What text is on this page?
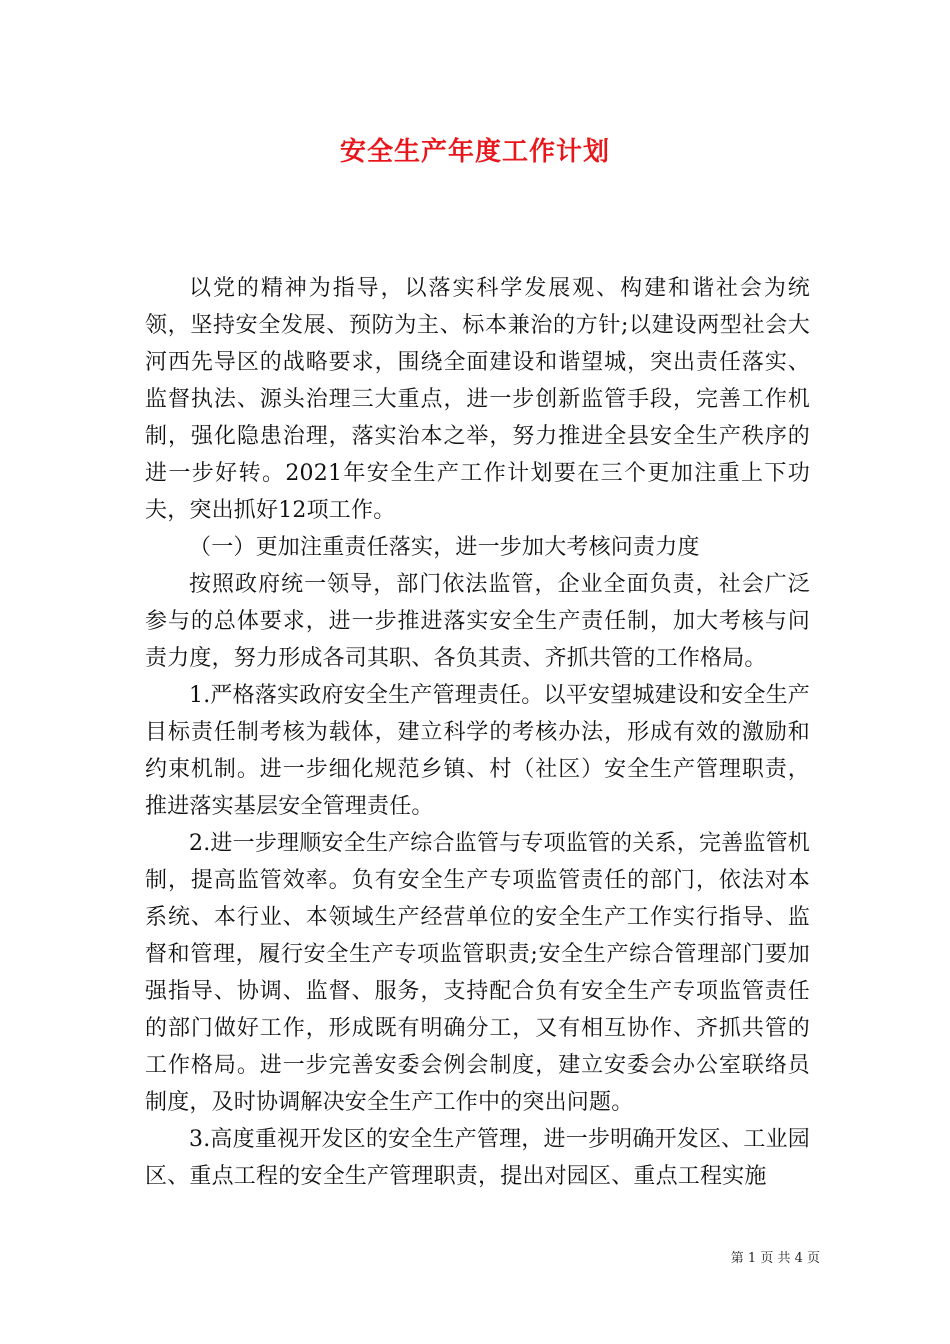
安全生产年度工作计划

以党的精神为指导，以落实科学发展观、构建和谐社会为统领，坚持安全发展、预防为主、标本兼治的方针;以建设两型社会大河西先导区的战略要求，围绕全面建设和谐望城，突出责任落实、监督执法、源头治理三大重点，进一步创新监管手段，完善工作机制，强化隐患治理，落实治本之举，努力推进全县安全生产秩序的进一步好转。2021年安全生产工作计划要在三个更加注重上下功夫，突出抓好12项工作。

（一）更加注重责任落实，进一步加大考核问责力度

按照政府统一领导，部门依法监管，企业全面负责，社会广泛参与的总体要求，进一步推进落实安全生产责任制，加大考核与问责力度，努力形成各司其职、各负其责、齐抓共管的工作格局。

1.严格落实政府安全生产管理责任。以平安望城建设和安全生产目标责任制考核为载体，建立科学的考核办法，形成有效的激励和约束机制。进一步细化规范乡镇、村（社区）安全生产管理职责，推进落实基层安全管理责任。

2.进一步理顺安全生产综合监管与专项监管的关系，完善监管机制，提高监管效率。负有安全生产专项监管责任的部门，依法对本系统、本行业、本领域生产经营单位的安全生产工作实行指导、监督和管理，履行安全生产专项监管职责;安全生产综合管理部门要加强指导、协调、监督、服务，支持配合负有安全生产专项监管责任的部门做好工作，形成既有明确分工，又有相互协作、齐抓共管的工作格局。进一步完善安委会例会制度，建立安委会办公室联络员制度，及时协调解决安全生产工作中的突出问题。

3.高度重视开发区的安全生产管理，进一步明确开发区、工业园区、重点工程的安全生产管理职责，提出对园区、重点工程实施

第 1 页 共 4 页
